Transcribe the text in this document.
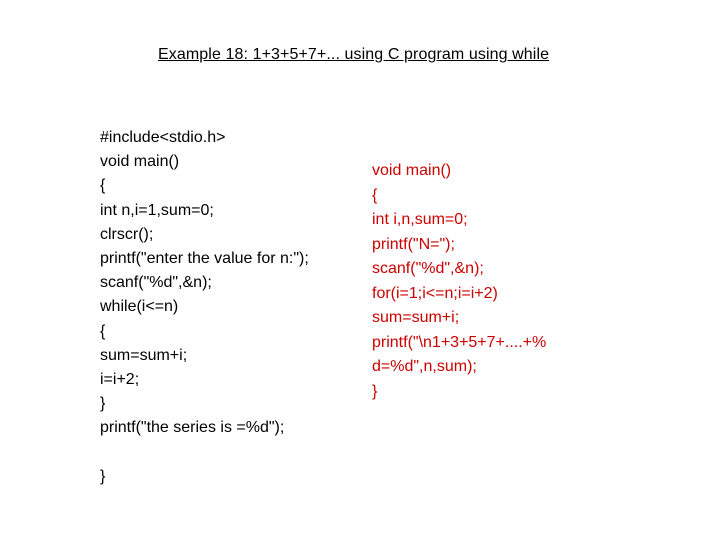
Example 18: 1+3+5+7+... using C program using while
#include<stdio.h>
void main()
{
int n,i=1,sum=0;
clrscr();
printf("enter the value for n:");
scanf("%d",&n);
while(i<=n)
{
sum=sum+i;
i=i+2;
}
printf("the series is =%d");
}
void main()
{
int i,n,sum=0;
printf("N=");
scanf("%d",&n);
for(i=1;i<=n;i=i+2)
sum=sum+i;
printf("\n1+3+5+7+....+%
d=%d",n,sum);
}
